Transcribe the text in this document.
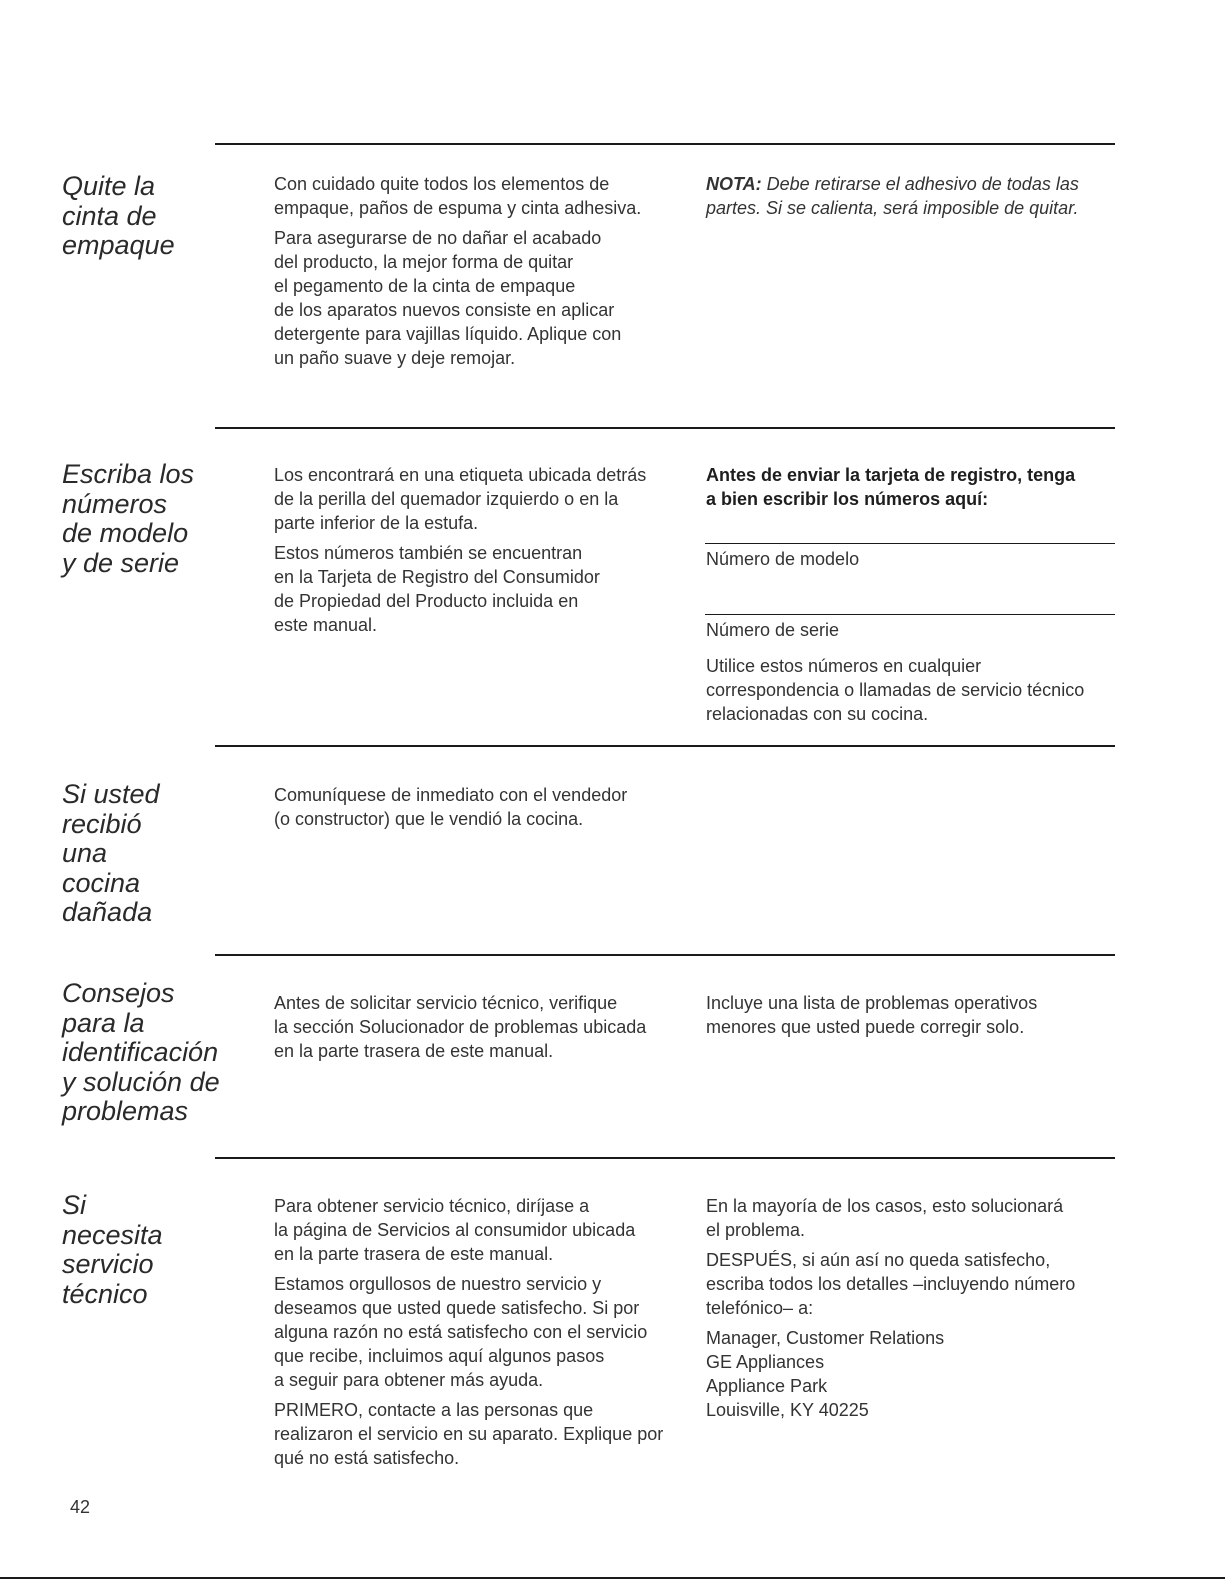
Quite la
cinta de
empaque

Con cuidado quite todos los elementos de
empaque, paños de espuma y cinta adhesiva.

Para asegurarse de no dañar el acabado
del producto, la mejor forma de quitar
el pegamento de la cinta de empaque
de los aparatos nuevos consiste en aplicar
detergente para vajillas líquido. Aplique con
un paño suave y deje remojar.

NOTA: Debe retirarse el adhesivo de todas las
partes. Si se calienta, será imposible de quitar.
Escriba los
números
de modelo
y de serie

Los encontrará en una etiqueta ubicada detrás
de la perilla del quemador izquierdo o en la
parte inferior de la estufa.

Estos números también se encuentran
en la Tarjeta de Registro del Consumidor
de Propiedad del Producto incluida en
este manual.

Antes de enviar la tarjeta de registro, tenga
a bien escribir los números aquí:
Número de modelo
Número de serie
Utilice estos números en cualquier
correspondencia o llamadas de servicio técnico
relacionadas con su cocina.
Si usted
recibió
una
cocina
dañada
Comuníquese de inmediato con el vendedor
(o constructor) que le vendió la cocina.
Consejos
para la
identificación
y solución de
problemas
Antes de solicitar servicio técnico, verifique
la sección Solucionador de problemas ubicada
en la parte trasera de este manual.
Incluye una lista de problemas operativos
menores que usted puede corregir solo.
Si
necesita
servicio
técnico

Para obtener servicio técnico, diríjase a
la página de Servicios al consumidor ubicada
en la parte trasera de este manual.

Estamos orgullosos de nuestro servicio y
deseamos que usted quede satisfecho. Si por
alguna razón no está satisfecho con el servicio
que recibe, incluimos aquí algunos pasos
a seguir para obtener más ayuda.

PRIMERO, contacte a las personas que
realizaron el servicio en su aparato. Explique por
qué no está satisfecho.

En la mayoría de los casos, esto solucionará
el problema.

DESPUÉS, si aún así no queda satisfecho,
escriba todos los detalles –incluyendo número
telefónico– a:

Manager, Customer Relations
GE Appliances
Appliance Park
Louisville, KY 40225

42
